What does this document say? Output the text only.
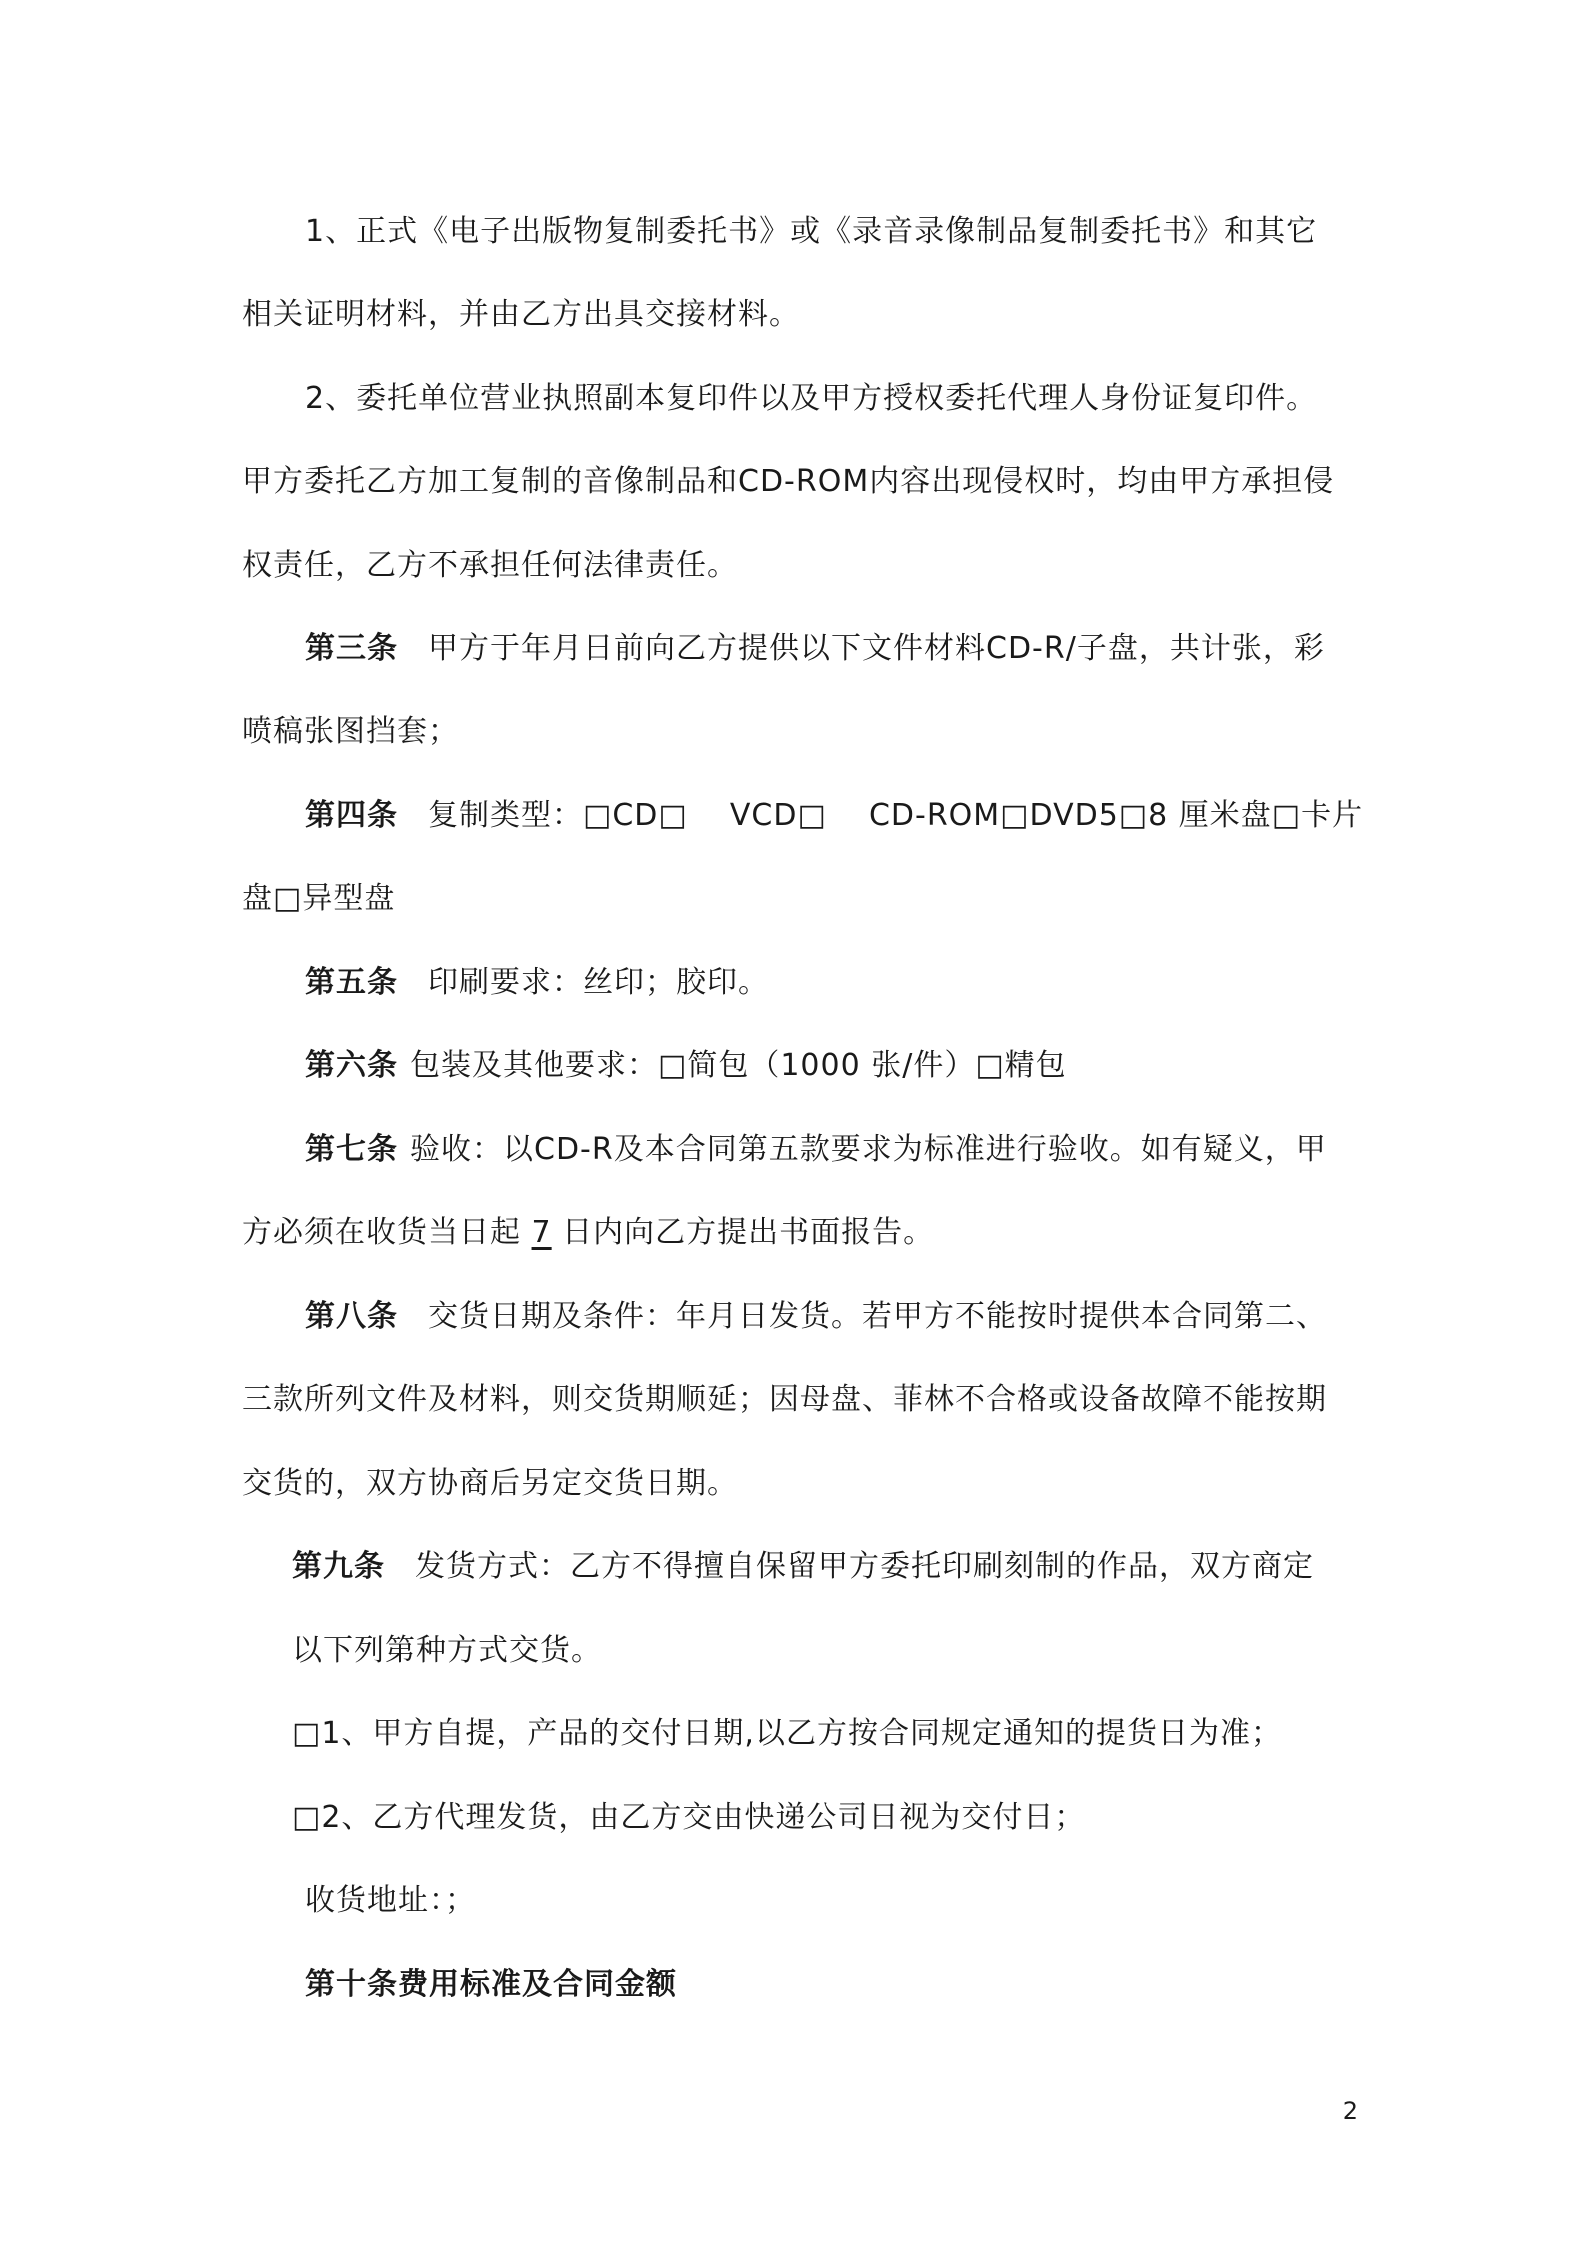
1、正式《电子出版物复制委托书》或《录音录像制品复制委托书》和其它
相关证明材料，并由乙方出具交接材料。
2、委托单位营业执照副本复印件以及甲方授权委托代理人身份证复印件。
甲方委托乙方加工复制的音像制品和CD-ROM内容出现侵权时，均由甲方承担侵
权责任，乙方不承担任何法律责任。
第三条 甲方于年月日前向乙方提供以下文件材料CD-R/子盘，共计张，彩
喷稿张图挡套；
第四条 复制类型：□CD□    VCD□    CD-ROM□DVD5□8 厘米盘□卡片
盘□异型盘
第五条 印刷要求：丝印；胶印。
第六条 包装及其他要求：□简包（1000 张/件）□精包
第七条 验收：以CD-R及本合同第五款要求为标准进行验收。如有疑义，甲
方必须在收货当日起 7 日内向乙方提出书面报告。
第八条 交货日期及条件：年月日发货。若甲方不能按时提供本合同第二、
三款所列文件及材料，则交货期顺延；因母盘、菲林不合格或设备故障不能按期
交货的，双方协商后另定交货日期。
第九条 发货方式：乙方不得擅自保留甲方委托印刷刻制的作品，双方商定
以下列第种方式交货。
□1、甲方自提，产品的交付日期,以乙方按合同规定通知的提货日为准；
□2、乙方代理发货，由乙方交由快递公司日视为交付日；
收货地址：；
第十条费用标准及合同金额
2
